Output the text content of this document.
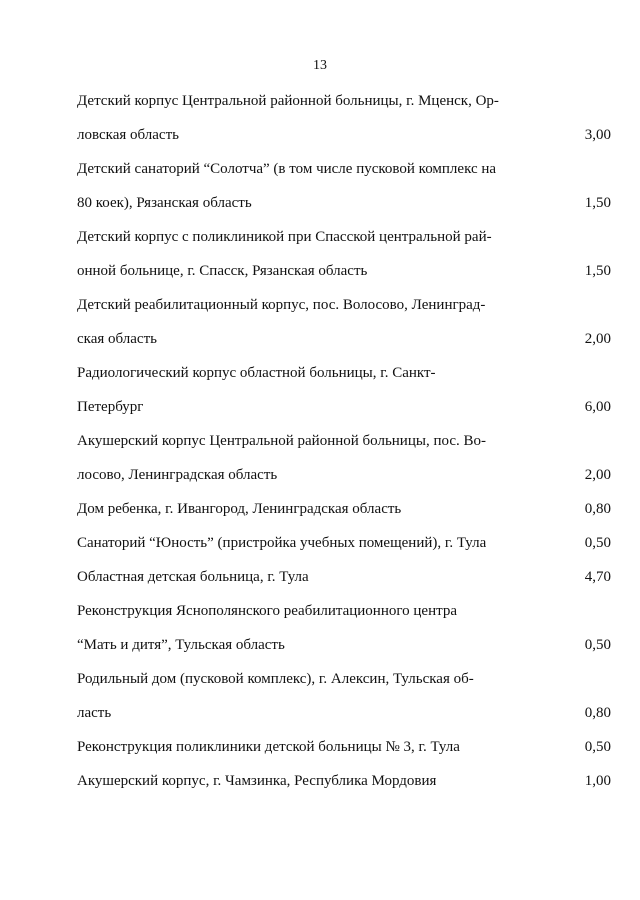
13
Детский корпус Центральной районной больницы, г. Мценск, Ор-
ловская область	3,00
Детский санаторий “Солотча” (в том числе пусковой комплекс на
80 коек), Рязанская область	1,50
Детский корпус с поликлиникой при Спасской центральной рай-
онной больнице, г. Спасск, Рязанская область	1,50
Детский реабилитационный корпус, пос. Волосово, Ленинград-
ская область	2,00
Радиологический корпус областной больницы, г. Санкт-
Петербург	6,00
Акушерский корпус Центральной районной больницы, пос. Во-
лосово, Ленинградская область	2,00
Дом ребенка, г. Ивангород, Ленинградская область	0,80
Санаторий “Юность” (пристройка учебных помещений), г. Тула	0,50
Областная детская больница, г. Тула	4,70
Реконструкция Яснополянского реабилитационного центра
“Мать и дитя”, Тульская область	0,50
Родильный дом (пусковой комплекс), г. Алексин, Тульская об-
ласть	0,80
Реконструкция поликлиники детской больницы № 3, г. Тула	0,50
Акушерский корпус, г. Чамзинка, Республика Мордовия	1,00
